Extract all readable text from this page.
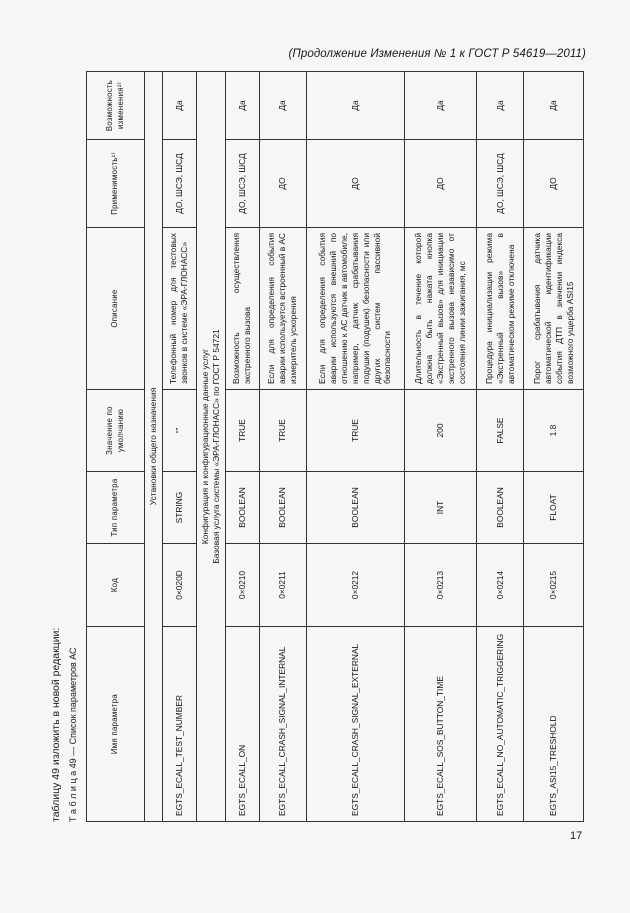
(Продолжение Изменения № 1 к ГОСТ Р 54619—2011)
таблицу 49 изложить в новой редакции: Т а б л и ц а 49 — Список параметров АС	Имя параметра	Код	Тип параметра	Значение по умолчанию	Описание	Применимость¹⁾	Возможность изменения²⁾
Установки общего назначения						
EGTS_ECALL_TEST_NUMBER	0×020D	STRING	“”	Телефонный номер для тестовых звонков в системе «ЭРА-ГЛОНАСС»	ДО, ШСЭ, ШСД	Да

Конфигурация и конфигурационные данные услуг Базовая услуга системы «ЭРА-ГЛОНАСС» по ГОСТ Р 54721						

EGTS_ECALL_ON	0×0210	BOOLEAN	TRUE	Возможность осуществления экстренного вызова	ДО, ШСЭ, ШСД	Да
EGTS_ECALL_CRASH_SIGNAL_INTERNAL	0×0211	BOOLEAN	TRUE	Если для определения события аварии используется встроенный в АС измеритель ускорения	ДО	Да
EGTS_ECALL_CRASH_SIGNAL_EXTERNAL	0×0212	BOOLEAN	TRUE	Если для определения события аварии используются внешний по отношению к АС датчик в автомобиле, например, датчик срабатывания подушки (подушек) безопасности или других систем пассивной безопасности	ДО	Да
EGTS_ECALL_SOS_BUTTON_TIME	0×0213	INT	200	Длительность в течение которой должна быть нажата кнопка «Экстренный вызов» для инициации экстренного вызова независимо от состояния линии зажигания, мс	ДО	Да
EGTS_ECALL_NO_AUTOMATIC_TRIGGERING	0×0214	BOOLEAN	FALSE	Процедура инициализации режима «Экстренный вызов» в автоматическом режиме отключена	ДО, ШСЭ, ШСД	Да
EGTS_ASI15_TRESHOLD	0×0215	FLOAT	1.8	Порог срабатывания датчика автоматической идентификации события ДТП в значении индекса возможного ущерба ASI15	ДО	Да
17
